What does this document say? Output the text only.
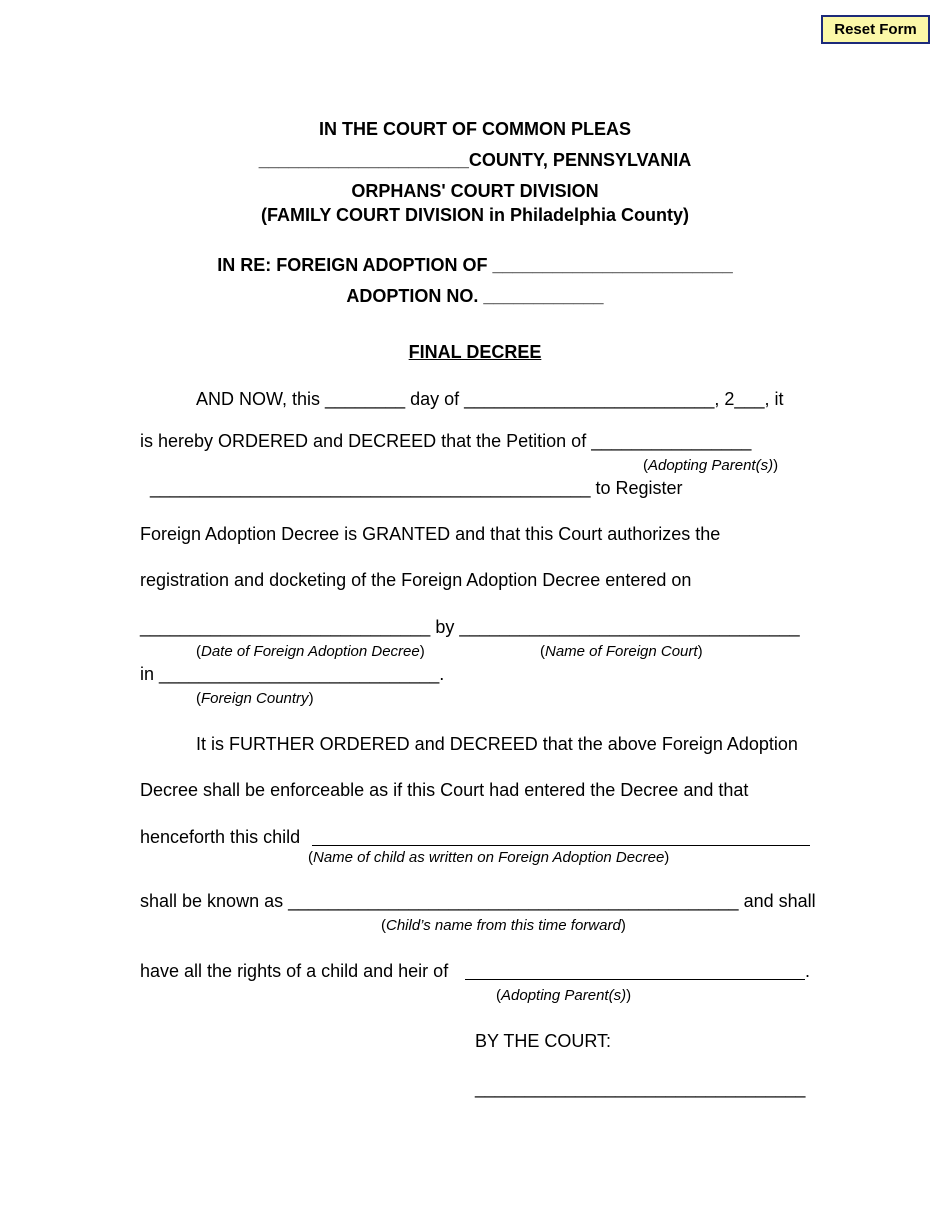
Reset Form
IN THE COURT OF COMMON PLEAS
_____________________COUNTY, PENNSYLVANIA
ORPHANS' COURT DIVISION
(FAMILY COURT DIVISION in Philadelphia County)
IN RE: FOREIGN ADOPTION OF ________________________
ADOPTION NO. ____________
FINAL DECREE
AND NOW, this ________ day of _________________________, 2___, it
is hereby ORDERED and DECREED that the Petition of ________________
(Adopting Parent(s))
____________________________________________ to Register
Foreign Adoption Decree is GRANTED and that this Court authorizes the
registration and docketing of the Foreign Adoption Decree entered on
_____________________________ by __________________________________
(Date of Foreign Adoption Decree)	(Name of Foreign Court)
in ____________________________.
(Foreign Country)
It is FURTHER ORDERED and DECREED that the above Foreign Adoption
Decree shall be enforceable as if this Court had entered the Decree and that
henceforth this child
(Name of child as written on Foreign Adoption Decree)
shall be known as _____________________________________________ and shall
(Child’s name from this time forward)
have all the rights of a child and heir of	.
(Adopting Parent(s))
BY THE COURT:
_________________________________
